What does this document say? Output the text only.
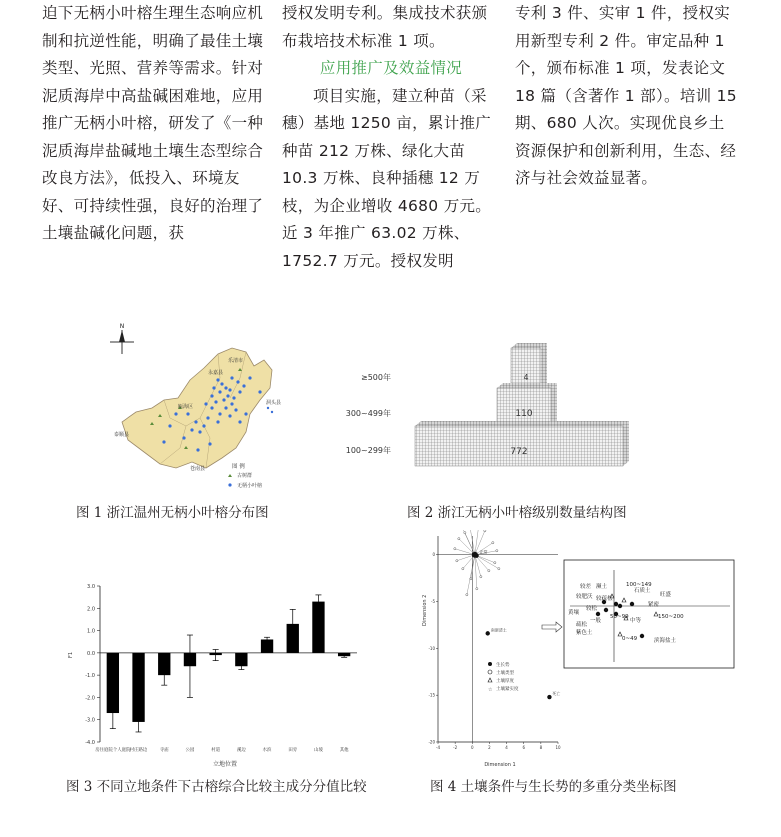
迫下无柄小叶榕生理生态响应机制和抗逆性能，明确了最佳土壤类型、光照、营养等需求。针对泥质海岸中高盐碱困难地，应用推广无柄小叶榕，研发了《一种泥质海岸盐碱地土壤生态型综合改良方法》，低投入、环境友好、可持续性强，良好的治理了土壤盐碱化问题，获

授权发明专利。集成技术获颁布栽培技术标准 1 项。

应用推广及效益情况

项目实施，建立种苗（采穗）基地 1250 亩，累计推广种苗 212 万株、绿化大苗 10.3 万株、良种插穗 12 万枝，为企业增收 4680 万元。近 3 年推广 63.02 万株、1752.7 万元。授权发明

专利 3 件、实审 1 件，授权实用新型专利 2 件。审定品种 1 个，颁布标准 1 项，发表论文 18 篇（含著作 1 部）。培训 15 期、680 人次。实现优良乡土资源保护和创新利用，生态、经济与社会效益显著。

N
瓯海区
乐清市
洞头县
永嘉县
泰顺县
苍南县	图 例
古树群
无柄小叶榕
≥500年
300~499年
100~299年
4
110
772
F1
立地位置
3.0
2.0
1.0
0.0
-1.0
-2.0
-3.0
-4.0
房住庭院个人庭院 村庄路边	寺庙	公园	村道	溪边	水滨	田旁	山坡	其他
Dimension 2
Dimension 1
-4	-2	0	2	4	6	8	10
0
-5
-10
-15
-20
南浙清土
死亡
正常
生长势
土壤类型
土壤厚度
☆ 土壤紧实度
较差 濒土	100~149
石质土
较肥沃 较疏松
旺盛
紧密
黄壤
一般
150~200
中等
疏松
紫色土
0~49	滨海盐土
较松
50~99
图 1 浙江温州无柄小叶榕分布图	图 2 浙江无柄小叶榕级别数量结构图
图 3 不同立地条件下古榕综合比较主成分分值比较	图 4 土壤条件与生长势的多重分类坐标图
